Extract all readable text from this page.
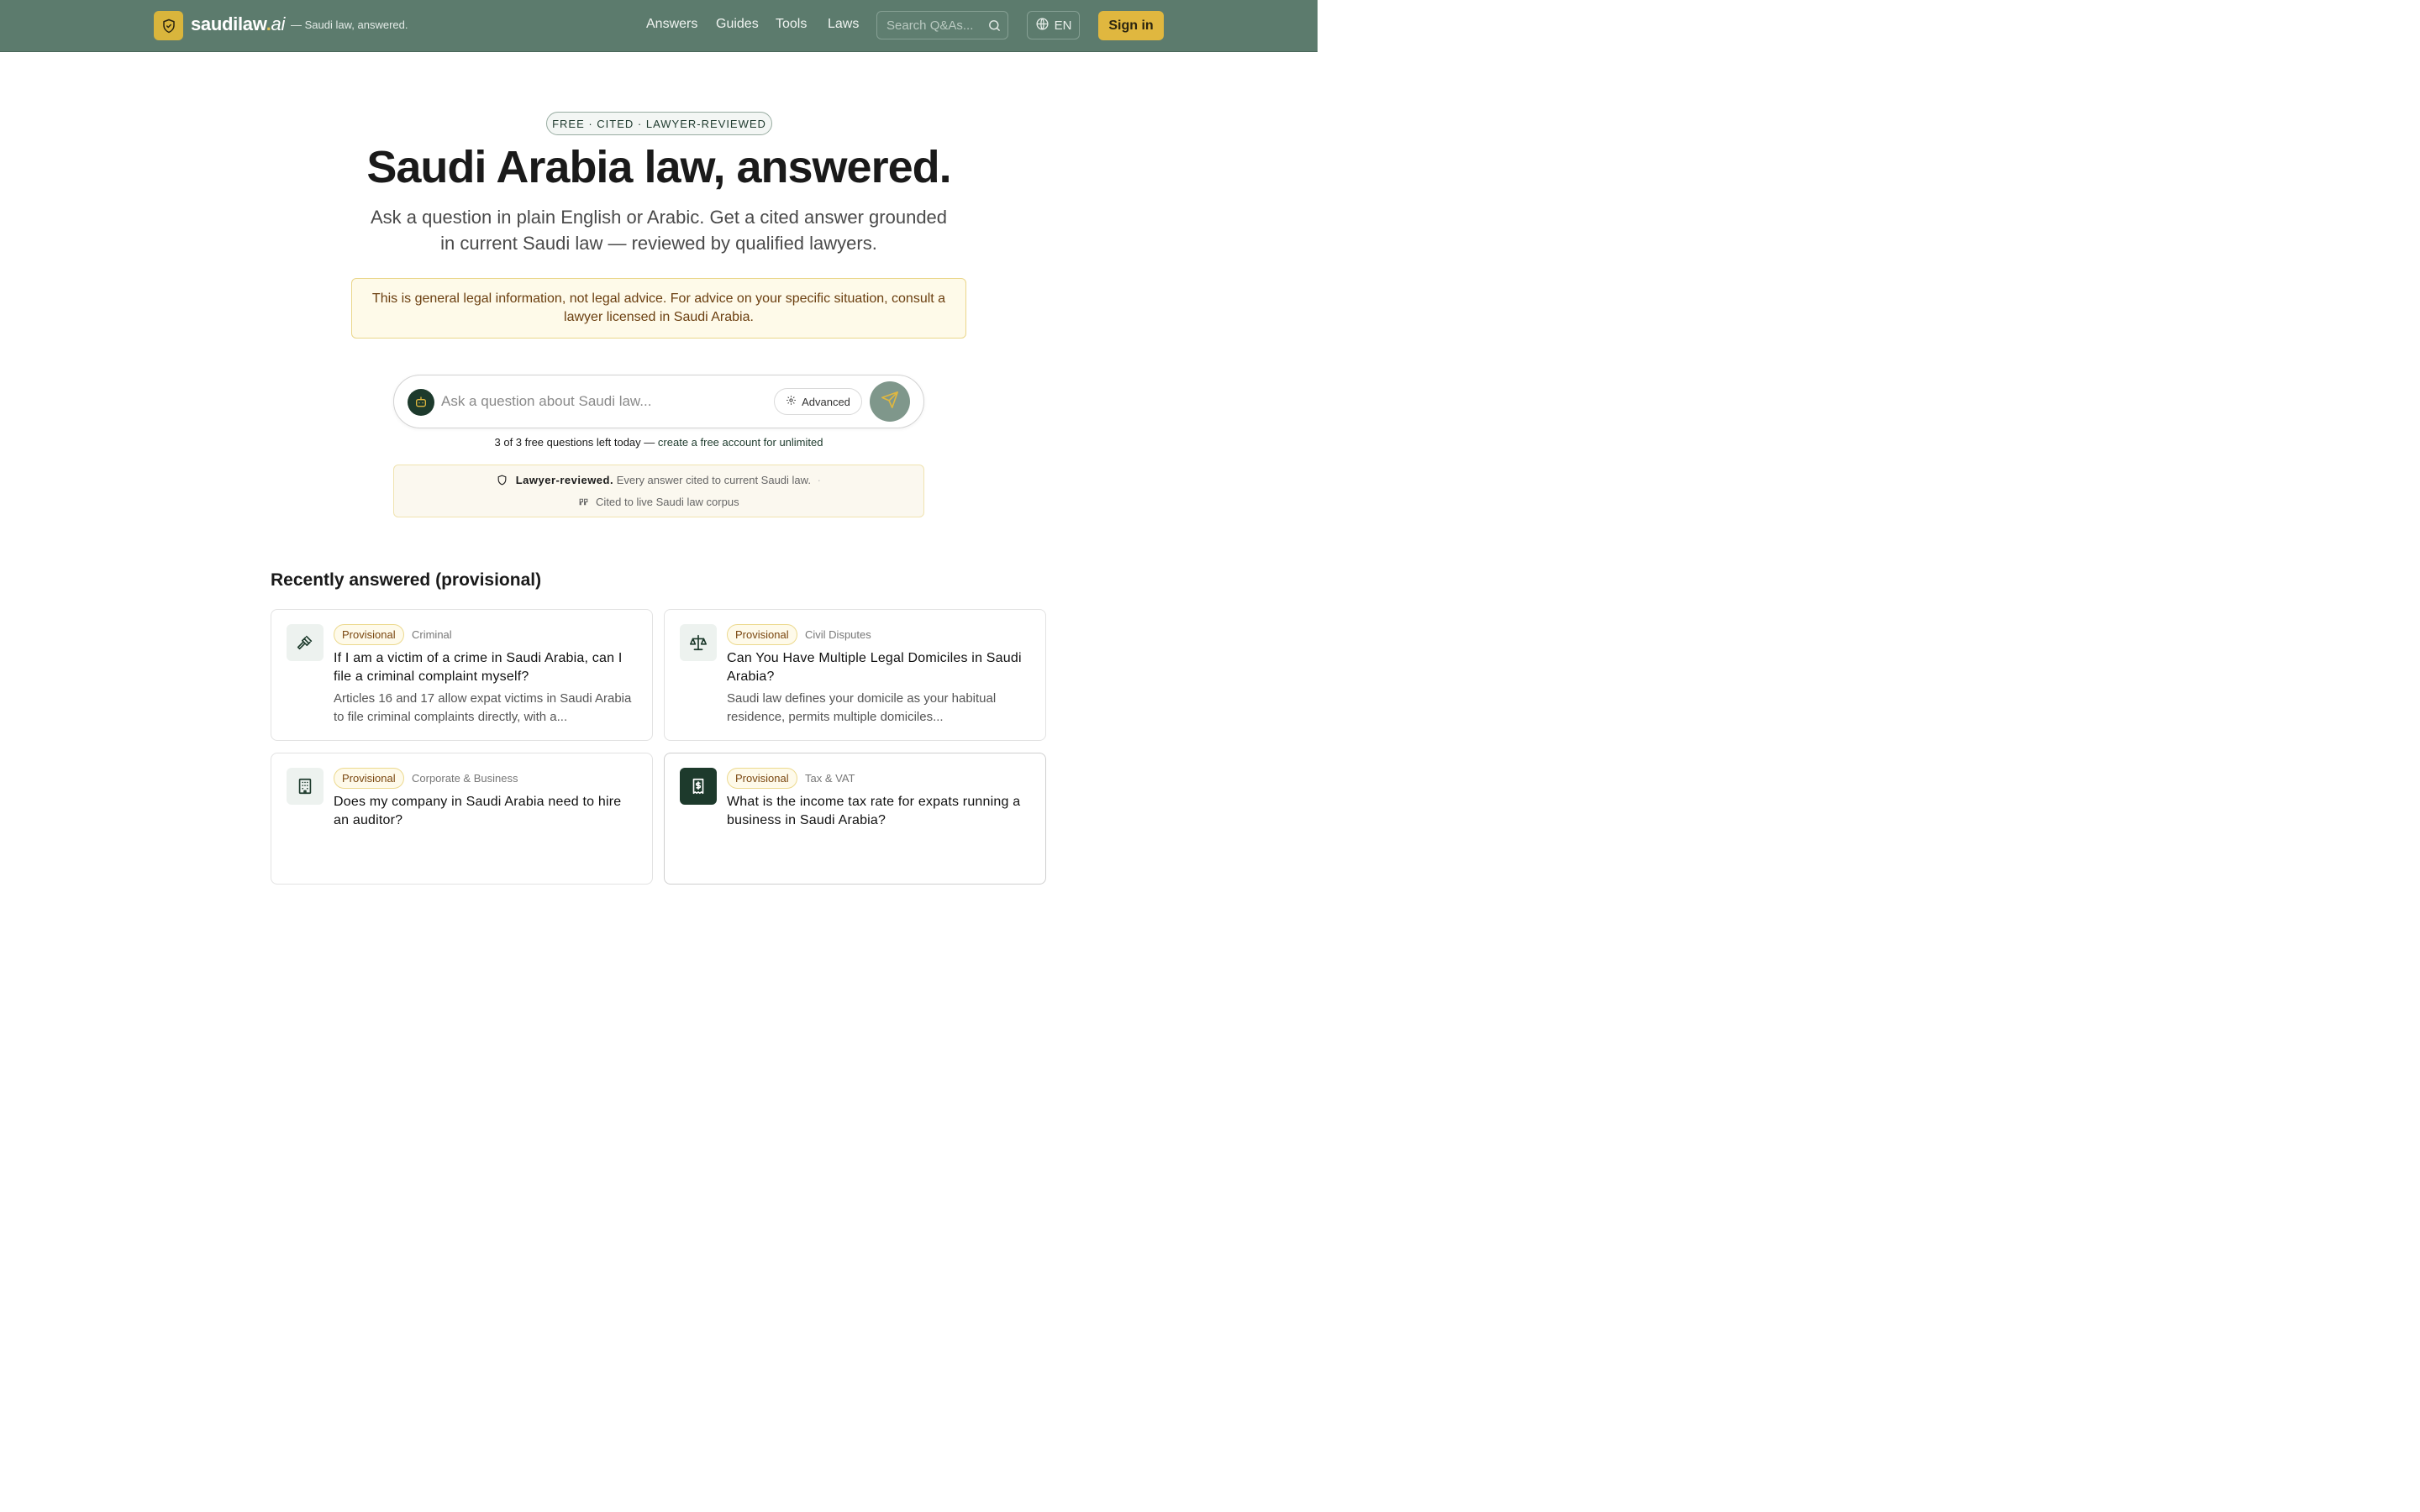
saudilaw.ai — Saudi law, answered.	Answers Guides Tools Laws
Search Q&As...	EN	Sign in
FREE · CITED · LAWYER-REVIEWED
Saudi Arabia law, answered.

Ask a question in plain English or Arabic. Get a cited answer grounded in current Saudi law — reviewed by qualified lawyers.

This is general legal information, not legal advice. For advice on your specific situation, consult a lawyer licensed in Saudi Arabia.
Ask a question about Saudi law...
Advanced
3 of 3 free questions left today — create a free account for unlimited
Lawyer-reviewed. Every answer cited to current Saudi law. ·
Cited to live Saudi law corpus
Recently answered (provisional)
Provisional	Criminal
If I am a victim of a crime in Saudi Arabia, can I file a criminal complaint myself?
Articles 16 and 17 allow expat victims in Saudi Arabia to file criminal complaints directly, with a...
Provisional	Civil Disputes
Can You Have Multiple Legal Domiciles in Saudi Arabia?
Saudi law defines your domicile as your habitual residence, permits multiple domiciles...
Provisional	Corporate & Business
Does my company in Saudi Arabia need to hire an auditor?
Provisional	Tax & VAT
What is the income tax rate for expats running a business in Saudi Arabia?
